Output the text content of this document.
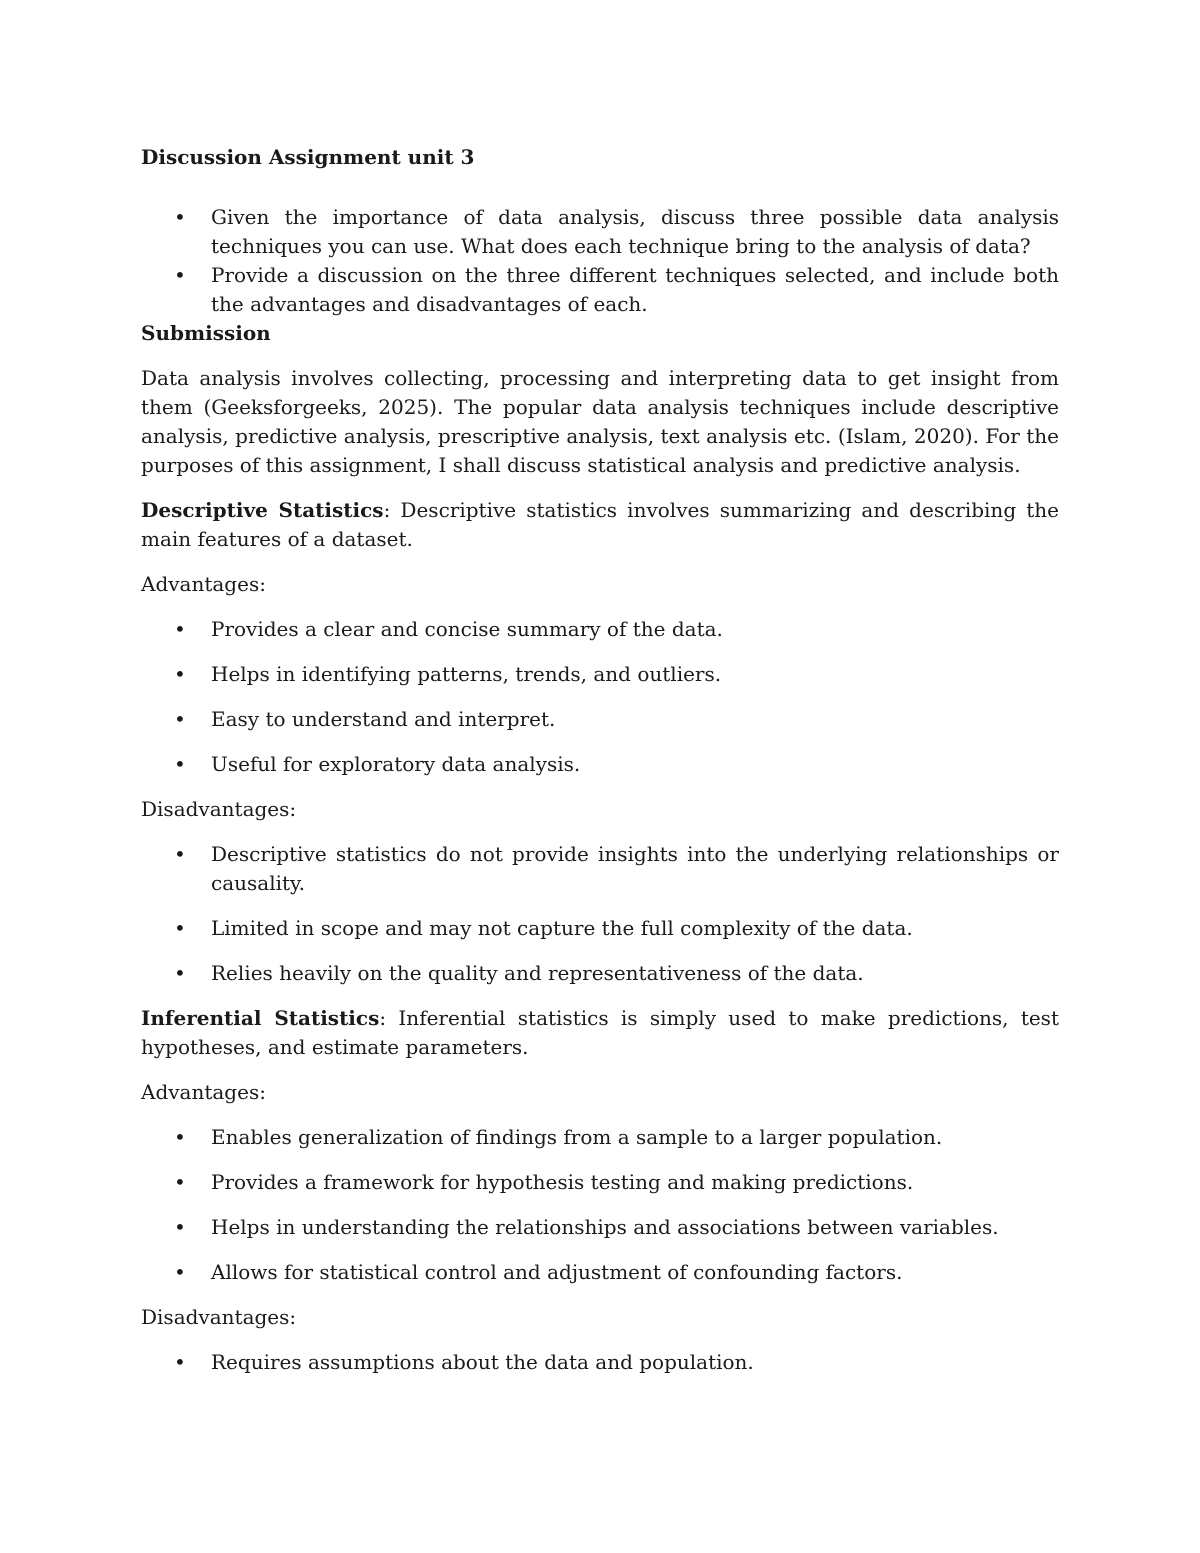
Discussion Assignment unit 3

• Given the importance of data analysis, discuss three possible data analysis techniques you can use. What does each technique bring to the analysis of data?
• Provide a discussion on the three different techniques selected, and include both the advantages and disadvantages of each.

Submission

Data analysis involves collecting, processing and interpreting data to get insight from them (Geeksforgeeks, 2025). The popular data analysis techniques include descriptive analysis, predictive analysis, prescriptive analysis, text analysis etc. (Islam, 2020). For the purposes of this assignment, I shall discuss statistical analysis and predictive analysis.

Descriptive Statistics: Descriptive statistics involves summarizing and describing the main features of a dataset.

Advantages:

• Provides a clear and concise summary of the data.
• Helps in identifying patterns, trends, and outliers.
• Easy to understand and interpret.
• Useful for exploratory data analysis.

Disadvantages:

• Descriptive statistics do not provide insights into the underlying relationships or causality.
• Limited in scope and may not capture the full complexity of the data.
• Relies heavily on the quality and representativeness of the data.

Inferential Statistics: Inferential statistics is simply used to make predictions, test hypotheses, and estimate parameters.

Advantages:

• Enables generalization of findings from a sample to a larger population.
• Provides a framework for hypothesis testing and making predictions.
• Helps in understanding the relationships and associations between variables.
• Allows for statistical control and adjustment of confounding factors.

Disadvantages:

• Requires assumptions about the data and population.
